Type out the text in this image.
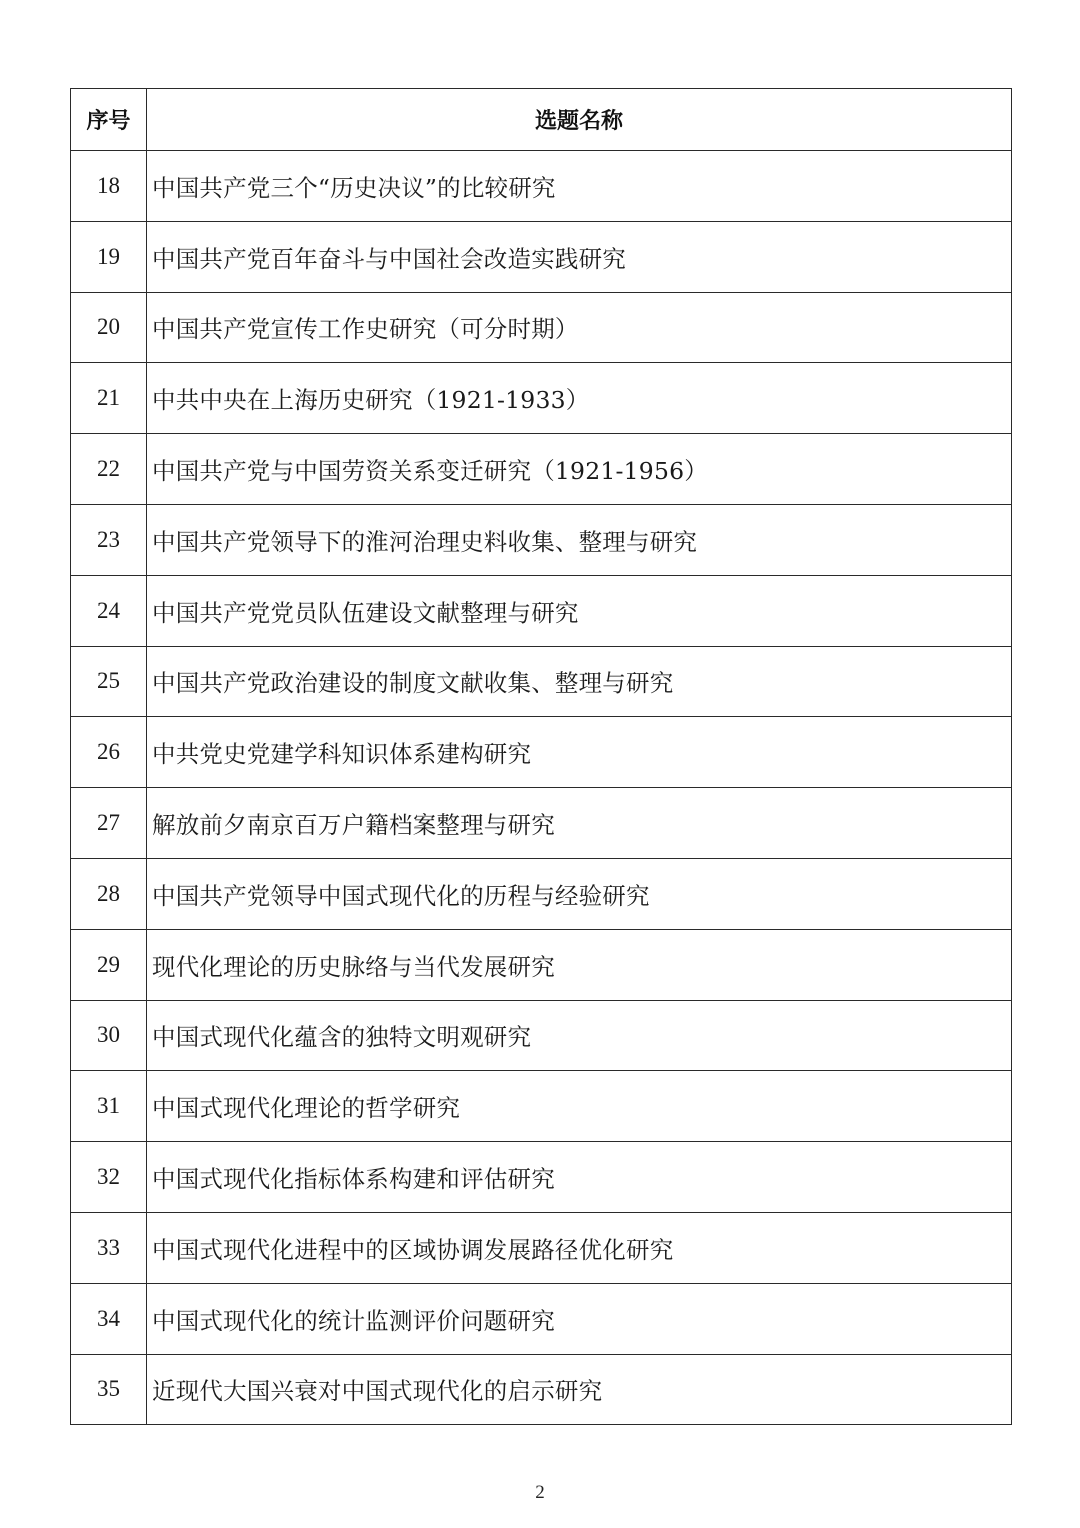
序号	选题名称
18	中国共产党三个“历史决议”的比较研究
19	中国共产党百年奋斗与中国社会改造实践研究
20	中国共产党宣传工作史研究（可分时期）
21	中共中央在上海历史研究（1921-1933）
22	中国共产党与中国劳资关系变迁研究（1921-1956）
23	中国共产党领导下的淮河治理史料收集、整理与研究
24	中国共产党党员队伍建设文献整理与研究
25	中国共产党政治建设的制度文献收集、整理与研究
26	中共党史党建学科知识体系建构研究
27	解放前夕南京百万户籍档案整理与研究
28	中国共产党领导中国式现代化的历程与经验研究
29	现代化理论的历史脉络与当代发展研究
30	中国式现代化蕴含的独特文明观研究
31	中国式现代化理论的哲学研究
32	中国式现代化指标体系构建和评估研究
33	中国式现代化进程中的区域协调发展路径优化研究
34	中国式现代化的统计监测评价问题研究
35	近现代大国兴衰对中国式现代化的启示研究
2
